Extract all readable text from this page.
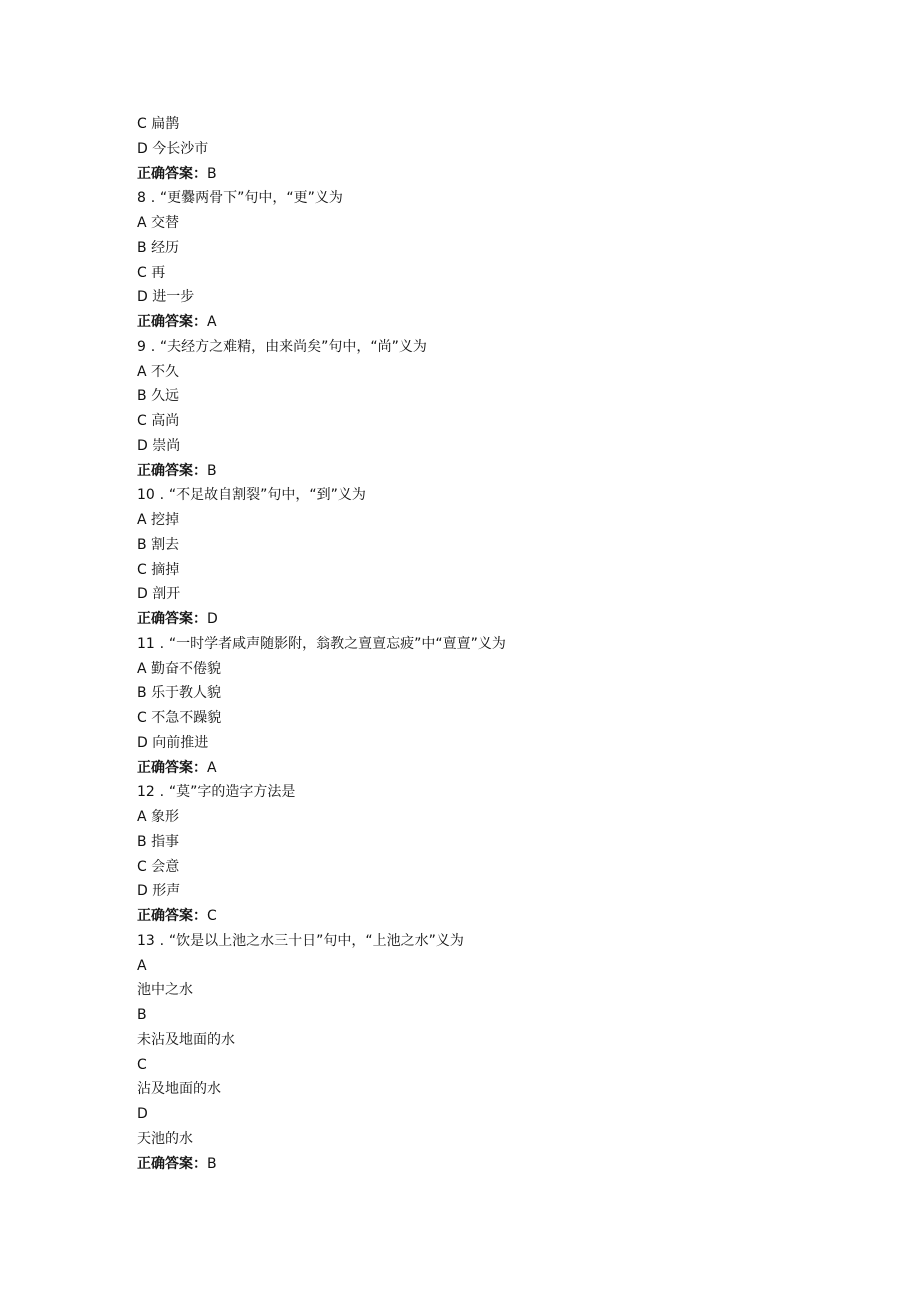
C 扁鹊
D 今长沙市
正确答案：B
8 . “更爨两骨下”句中，“更”义为
A 交替
B 经历
C 再
D 进一步
正确答案：A
9 . “夫经方之难精，由来尚矣”句中，“尚”义为
A 不久
B 久远
C 高尚
D 崇尚
正确答案：B
10 . “不足故自割裂”句中，“到”义为
A 挖掉
B 割去
C 摘掉
D 剖开
正确答案：D
11 . “一时学者咸声随影附，翁教之亶亶忘疲”中“亶亶”义为
A 勤奋不倦貌
B 乐于教人貌
C 不急不躁貌
D 向前推进
正确答案：A
12 . “莫”字的造字方法是
A 象形
B 指事
C 会意
D 形声
正确答案：C
13 . “饮是以上池之水三十日”句中，“上池之水”义为
A
池中之水
B
未沾及地面的水
C
沾及地面的水
D
天池的水
正确答案：B
